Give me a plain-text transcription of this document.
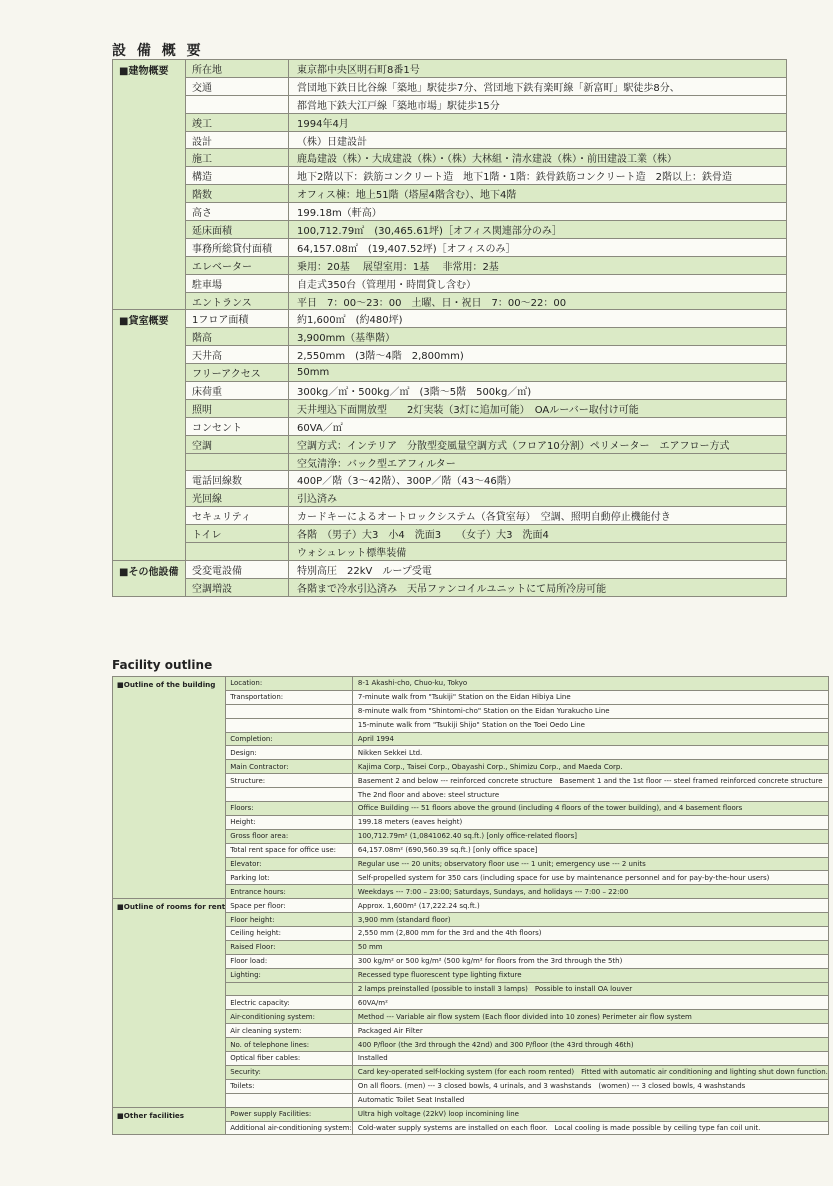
設 備 概 要
■建物概要	所在地	東京都中央区明石町8番1号
	交通	営団地下鉄日比谷線「築地」駅徒歩7分、営団地下鉄有楽町線「新富町」駅徒歩8分、
		都営地下鉄大江戸線「築地市場」駅徒歩15分
	竣工	1994年4月
	設計	（株）日建設計
	施工	鹿島建設（株）・大成建設（株）・（株）大林組・清水建設（株）・前田建設工業（株）
	構造	地下2階以下：鉄筋コンクリート造　地下1階・1階：鉄骨鉄筋コンクリート造　2階以上：鉄骨造
	階数	オフィス棟：地上51階（塔屋4階含む）、地下4階
	高さ	199.18m（軒高）
	延床面積	100,712.79㎡　(30,465.61坪)［オフィス関連部分のみ］
	事務所総貸付面積	64,157.08㎡　(19,407.52坪)［オフィスのみ］
	エレベーター	乗用：20基　 展望室用：1基　 非常用：2基
	駐車場	自走式350台（管理用・時間貸し含む）
	エントランス	平日　7：00～23：00　土曜、日・祝日　7：00～22：00
■貸室概要	1フロア面積	約1,600㎡　(約480坪)
	階高	3,900mm（基準階）
	天井高	2,550mm　(3階～4階　2,800mm)
	フリーアクセス	50mm
	床荷重	300kg／㎡・500kg／㎡　(3階～5階　500kg／㎡)
	照明	天井埋込下面開放型　　2灯実装（3灯に追加可能）　OAルーバー取付け可能
	コンセント	60VA／㎡
	空調	空調方式：インテリア　分散型変風量空調方式（フロア10分割）ペリメーター　エアフロー方式
		空気清浄：バック型エアフィルター
	電話回線数	400P／階（3～42階）、300P／階（43～46階）
	光回線	引込済み
	セキュリティ	カードキーによるオートロックシステム（各貸室毎）　空調、照明自動停止機能付き
	トイレ	各階　（男子）大3　小4　洗面3　　（女子）大3　洗面4
		ウォシュレット標準装備
■その他設備	受変電設備	特別高圧　22kV　ループ受電
	空調増設	各階まで冷水引込済み　天吊ファンコイルユニットにて局所冷房可能
Facility outline
■Outline of the building	Location:	8-1 Akashi-cho, Chuo-ku, Tokyo
	Transportation:	7-minute walk from "Tsukiji" Station on the Eidan Hibiya Line
		8-minute walk from "Shintomi-cho" Station on the Eidan Yurakucho Line
		15-minute walk from "Tsukiji Shijo" Station on the Toei Oedo Line
	Completion:	April 1994
	Design:	Nikken Sekkei Ltd.
	Main Contractor:	Kajima Corp., Taisei Corp., Obayashi Corp., Shimizu Corp., and Maeda Corp.
	Structure:	Basement 2 and below --- reinforced concrete structure　Basement 1 and the 1st floor --- steel framed reinforced concrete structure
		The 2nd floor and above: steel structure
	Floors:	Office Building --- 51 floors above the ground (including 4 floors of the tower building), and 4 basement floors
	Height:	199.18 meters (eaves height)
	Gross floor area:	100,712.79m² (1,0841062.40 sq.ft.) [only office-related floors]
	Total rent space for office use:	64,157.08m² (690,560.39 sq.ft.) [only office space]
	Elevator:	Regular use --- 20 units; observatory floor use --- 1 unit; emergency use --- 2 units
	Parking lot:	Self-propelled system for 350 cars (including space for use by maintenance personnel and for pay-by-the-hour users)
	Entrance hours:	Weekdays --- 7:00 – 23:00; Saturdays, Sundays, and holidays --- 7:00 – 22:00
■Outline of rooms for rent	Space per floor:	Approx. 1,600m² (17,222.24 sq.ft.)
	Floor height:	3,900 mm (standard floor)
	Ceiling height:	2,550 mm (2,800 mm for the 3rd and the 4th floors)
	Raised Floor:	50 mm
	Floor load:	300 kg/m² or 500 kg/m² (500 kg/m² for floors from the 3rd through the 5th)
	Lighting:	Recessed type fluorescent type lighting fixture
		2 lamps preinstalled (possible to install 3 lamps)　Possible to install OA louver
	Electric capacity:	60VA/m²
	Air-conditioning system:	Method --- Variable air flow system (Each floor divided into 10 zones) Perimeter air flow system
	Air cleaning system:	Packaged Air Filter
	No. of telephone lines:	400 P/floor (the 3rd through the 42nd) and 300 P/floor (the 43rd through 46th)
	Optical fiber cables:	Installed
	Security:	Card key-operated self-locking system (for each room rented)　Fitted with automatic air conditioning and lighting shut down function.
	Toilets:	On all floors. (men) --- 3 closed bowls, 4 urinals, and 3 washstands　(women) --- 3 closed bowls, 4 washstands
		Automatic Toilet Seat Installed
■Other facilities	Power supply Facilities:	Ultra high voltage (22kV) loop incomining line
	Additional air-conditioning system:	Cold-water supply systems are installed on each floor.　Local cooling is made possible by ceiling type fan coil unit.
